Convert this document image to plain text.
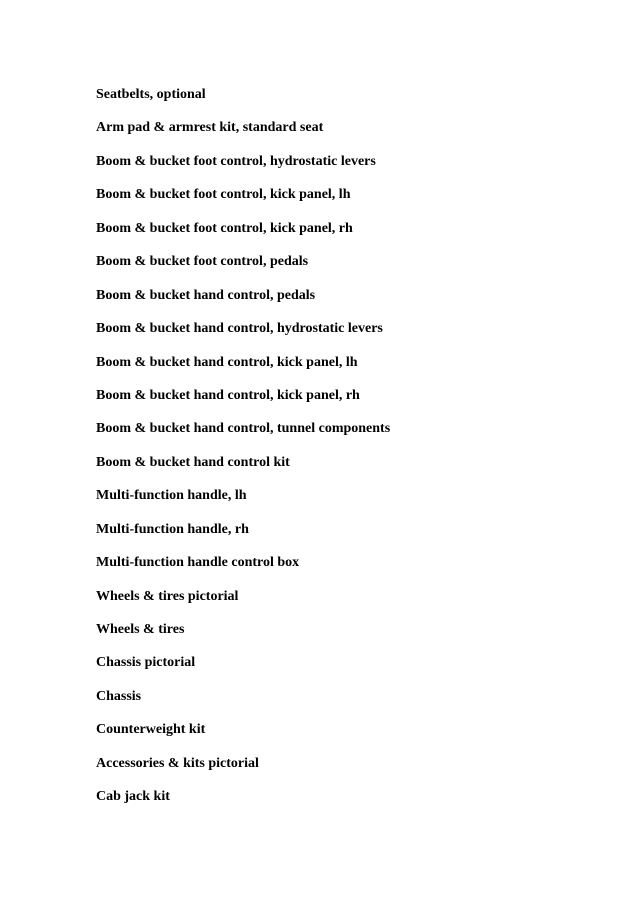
Seatbelts, optional
Arm pad & armrest kit, standard seat
Boom & bucket foot control, hydrostatic levers
Boom & bucket foot control, kick panel, lh
Boom & bucket foot control, kick panel, rh
Boom & bucket foot control, pedals
Boom & bucket hand control, pedals
Boom & bucket hand control, hydrostatic levers
Boom & bucket hand control, kick panel, lh
Boom & bucket hand control, kick panel, rh
Boom & bucket hand control, tunnel components
Boom & bucket hand control kit
Multi-function handle, lh
Multi-function handle, rh
Multi-function handle control box
Wheels & tires pictorial
Wheels & tires
Chassis pictorial
Chassis
Counterweight kit
Accessories & kits pictorial
Cab jack kit
